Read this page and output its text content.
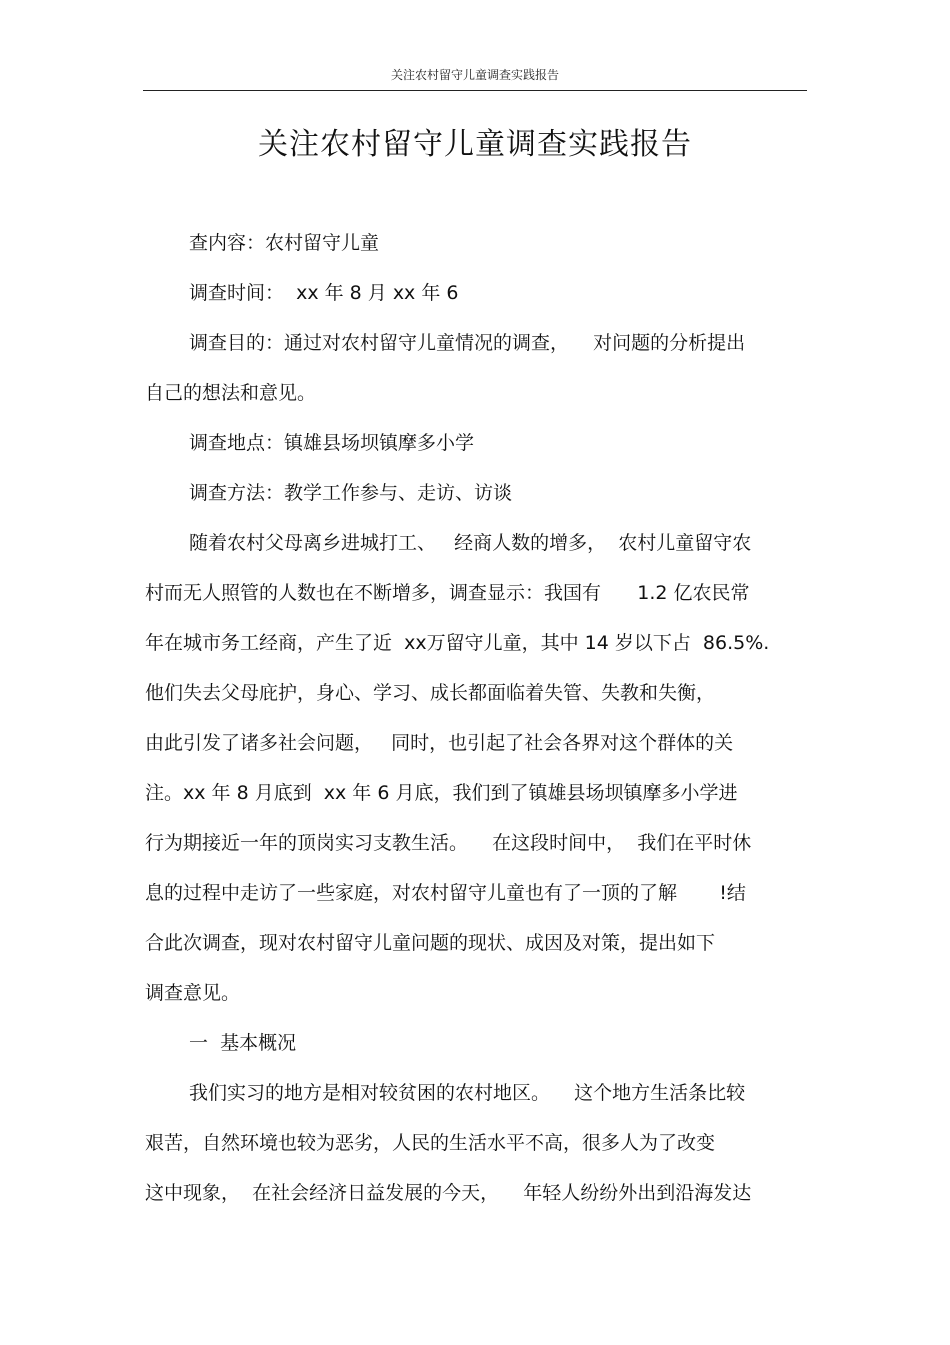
关注农村留守儿童调查实践报告
关注农村留守儿童调查实践报告
查内容：农村留守儿童
调查时间：  xx 年 8 月 xx 年 6
调查目的：通过对农村留守儿童情况的调查，    对问题的分析提出
自己的想法和意见。
调查地点：镇雄县场坝镇摩多小学
调查方法：教学工作参与、走访、访谈
随着农村父母离乡进城打工、   经商人数的增多，  农村儿童留守农
村而无人照管的人数也在不断增多，调查显示：我国有      1.2 亿农民常
年在城市务工经商，产生了近  xx万留守儿童，其中 14 岁以下占  86.5%.
他们失去父母庇护，身心、学习、成长都面临着失管、失教和失衡，
由此引发了诸多社会问题，   同时，也引起了社会各界对这个群体的关
注。xx 年 8 月底到  xx 年 6 月底，我们到了镇雄县场坝镇摩多小学进
行为期接近一年的顶岗实习支教生活。    在这段时间中，  我们在平时休
息的过程中走访了一些家庭，对农村留守儿童也有了一顶的了解       !结
合此次调查，现对农村留守儿童问题的现状、成因及对策，提出如下
调查意见。
一  基本概况
我们实习的地方是相对较贫困的农村地区。    这个地方生活条比较
艰苦，自然环境也较为恶劣，人民的生活水平不高，很多人为了改变
这中现象，  在社会经济日益发展的今天，    年轻人纷纷外出到沿海发达
